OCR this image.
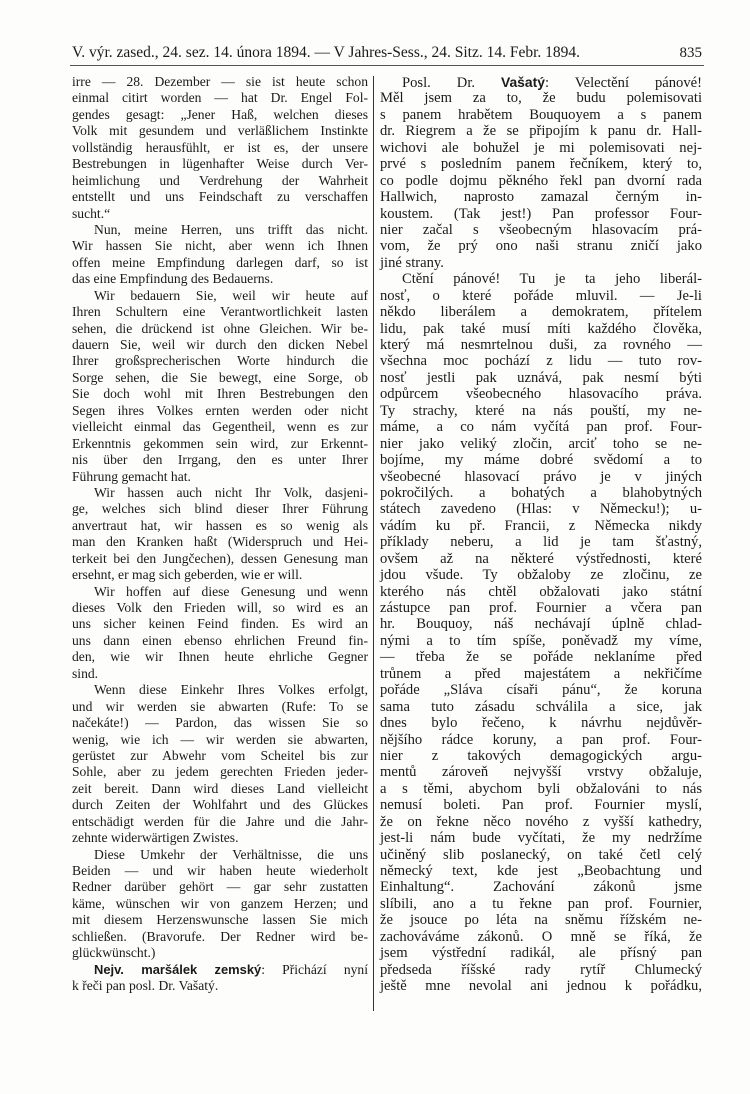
V. výr. zased., 24. sez. 14. února 1894. — V Jahres-Sess., 24. Sitz. 14. Febr. 1894.	835
irre — 28. Dezember — sie ist heute schon
einmal citirt worden — hat Dr. Engel Fol-
gendes gesagt: „Jener Haß, welchen dieses
Volk mit gesundem und verläßlichem Instinkte
vollständig herausfühlt, er ist es, der unsere
Bestrebungen in lügenhafter Weise durch Ver-
heimlichung und Verdrehung der Wahrheit
entstellt und uns Feindschaft zu verschaffen
sucht.“
Nun, meine Herren, uns trifft das nicht.
Wir hassen Sie nicht, aber wenn ich Ihnen
offen meine Empfindung darlegen darf, so ist
das eine Empfindung des Bedauerns.
Wir bedauern Sie, weil wir heute auf
Ihren Schultern eine Verantwortlichkeit lasten
sehen, die drückend ist ohne Gleichen. Wir be-
dauern Sie, weil wir durch den dicken Nebel
Ihrer großsprecherischen Worte hindurch die
Sorge sehen, die Sie bewegt, eine Sorge, ob
Sie doch wohl mit Ihren Bestrebungen den
Segen ihres Volkes ernten werden oder nicht
vielleicht einmal das Gegentheil, wenn es zur
Erkenntnis gekommen sein wird, zur Erkennt-
nis über den Irrgang, den es unter Ihrer
Führung gemacht hat.
Wir hassen auch nicht Ihr Volk, dasjeni-
ge, welches sich blind dieser Ihrer Führung
anvertraut hat, wir hassen es so wenig als
man den Kranken haßt (Widerspruch und Hei-
terkeit bei den Jungčechen), dessen Genesung man
ersehnt, er mag sich geberden, wie er will.
Wir hoffen auf diese Genesung und wenn
dieses Volk den Frieden will, so wird es an
uns sicher keinen Feind finden. Es wird an
uns dann einen ebenso ehrlichen Freund fin-
den, wie wir Ihnen heute ehrliche Gegner
sind.
Wenn diese Einkehr Ihres Volkes erfolgt,
und wir werden sie abwarten (Rufe: To se
načekáte!) — Pardon, das wissen Sie so
wenig, wie ich — wir werden sie abwarten,
gerüstet zur Abwehr vom Scheitel bis zur
Sohle, aber zu jedem gerechten Frieden jeder-
zeit bereit. Dann wird dieses Land vielleicht
durch Zeiten der Wohlfahrt und des Glückes
entschädigt werden für die Jahre und die Jahr-
zehnte widerwärtigen Zwistes.
Diese Umkehr der Verhältnisse, die uns
Beiden — und wir haben heute wiederholt
Redner darüber gehört — gar sehr zustatten
käme, wünschen wir von ganzem Herzen; und
mit diesem Herzenswunsche lassen Sie mich
schließen. (Bravorufe. Der Redner wird be-
glückwünscht.)
Nejv. maršálek zemský: Přichází nyní
k řeči pan posl. Dr. Vašatý.
Posl. Dr. Vašatý: Velectění pánové!
Měl jsem za to, že budu polemisovati
s panem hrabětem Bouquoyem a s panem
dr. Riegrem a že se připojím k panu dr. Hall-
wichovi ale bohužel je mi polemisovati nej-
prvé s posledním panem řečníkem, který to,
co podle dojmu pěkného řekl pan dvorní rada
Hallwich, naprosto zamazal černým in-
koustem. (Tak jest!) Pan professor Four-
nier začal s všeobecným hlasovacím prá-
vom, že prý ono naši stranu zničí jako
jiné strany.
Ctění pánové! Tu je ta jeho liberál-
nosť, o které pořáde mluvil. — Je-li
někdo liberálem a demokratem, přítelem
lidu, pak také musí míti každého člověka,
který má nesmrtelnou duši, za rovného —
všechna moc pochází z lidu — tuto rov-
nosť jestli pak uznává, pak nesmí býti
odpůrcem všeobecného hlasovacího práva.
Ty strachy, které na nás pouští, my ne-
máme, a co nám vyčítá pan prof. Four-
nier jako veliký zločin, arciť toho se ne-
bojíme, my máme dobré svědomí a to
všeobecné hlasovací právo je v jiných
pokročilých. a bohatých a blahobytných
státech zavedeno (Hlas: v Německu!); u-
vádím ku př. Francii, z Německa nikdy
příklady neberu, a lid je tam šťastný,
ovšem až na některé výstřednosti, které
jdou všude. Ty obžaloby ze zločinu, ze
kterého nás chtěl obžalovati jako státní
zástupce pan prof. Fournier a včera pan
hr. Bouquoy, náš nechávají úplně chlad-
nými a to tím spíše, poněvadž my víme,
— třeba že se pořáde neklaníme před
trůnem a před majestátem a nekřičíme
pořáde „Sláva císaři pánu“, že koruna
sama tuto zásadu schválila a sice, jak
dnes bylo řečeno, k návrhu nejdůvěr-
nějšího rádce koruny, a pan prof. Four-
nier z takových demagogických argu-
mentů zároveň nejvyšší vrstvy obžaluje,
a s těmi, abychom byli obžalováni to nás
nemusí boleti. Pan prof. Fournier myslí,
že on řekne něco nového z vyšší kathedry,
jest-li nám bude vyčítati, že my nedržíme
učiněný slib poslanecký, on také četl celý
německý text, kde jest „Beobachtung und
Einhaltung“. Zachování zákonů jsme
slíbili, ano a tu řekne pan prof. Fournier,
že jsouce po léta na sněmu řížském ne-
zachováváme zákonů. O mně se říká, že
jsem výstřední radikál, ale přísný pan
předseda říšské rady rytíř Chlumecký
ještě mne nevolal ani jednou k pořádku,
